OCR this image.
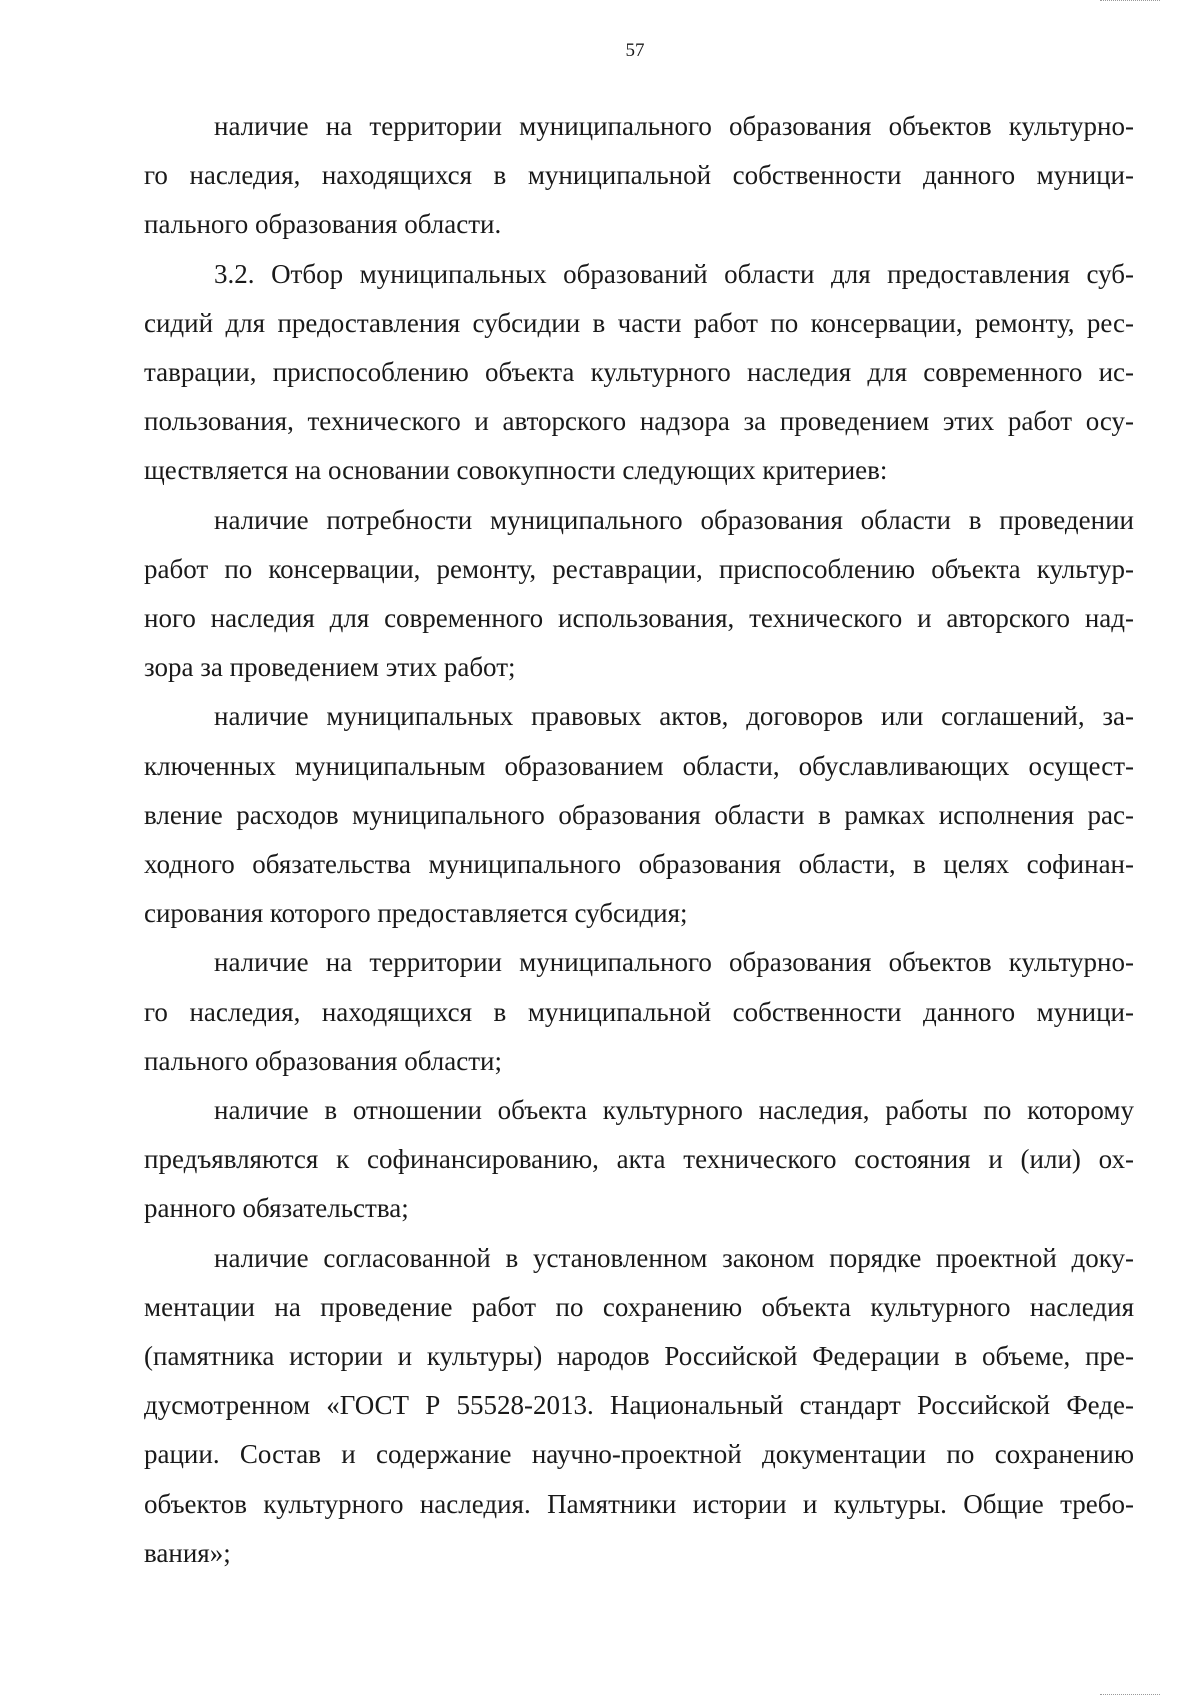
57

наличие на территории муниципального образования объектов культурно-
го наследия, находящихся в муниципальной собственности данного муници-
пального образования области.

3.2. Отбор муниципальных образований области для предоставления суб-
сидий для предоставления субсидии в части работ по консервации, ремонту, рес-
таврации, приспособлению объекта культурного наследия для современного ис-
пользования, технического и авторского надзора за проведением этих работ осу-
ществляется на основании совокупности следующих критериев:

наличие потребности муниципального образования области в проведении
работ по консервации, ремонту, реставрации, приспособлению объекта культур-
ного наследия для современного использования, технического и авторского над-
зора за проведением этих работ;

наличие муниципальных правовых актов, договоров или соглашений, за-
ключенных муниципальным образованием области, обуславливающих осущест-
вление расходов муниципального образования области в рамках исполнения рас-
ходного обязательства муниципального образования области, в целях софинан-
сирования которого предоставляется субсидия;

наличие на территории муниципального образования объектов культурно-
го наследия, находящихся в муниципальной собственности данного муници-
пального образования области;

наличие в отношении объекта культурного наследия, работы по которому
предъявляются к софинансированию, акта технического состояния и (или) ох-
ранного обязательства;

наличие согласованной в установленном законом порядке проектной доку-
ментации на проведение работ по сохранению объекта культурного наследия
(памятника истории и культуры) народов Российской Федерации в объеме, пре-
дусмотренном «ГОСТ Р 55528-2013. Национальный стандарт Российской Феде-
рации. Состав и содержание научно-проектной документации по сохранению
объектов культурного наследия. Памятники истории и культуры. Общие требо-
вания»;
